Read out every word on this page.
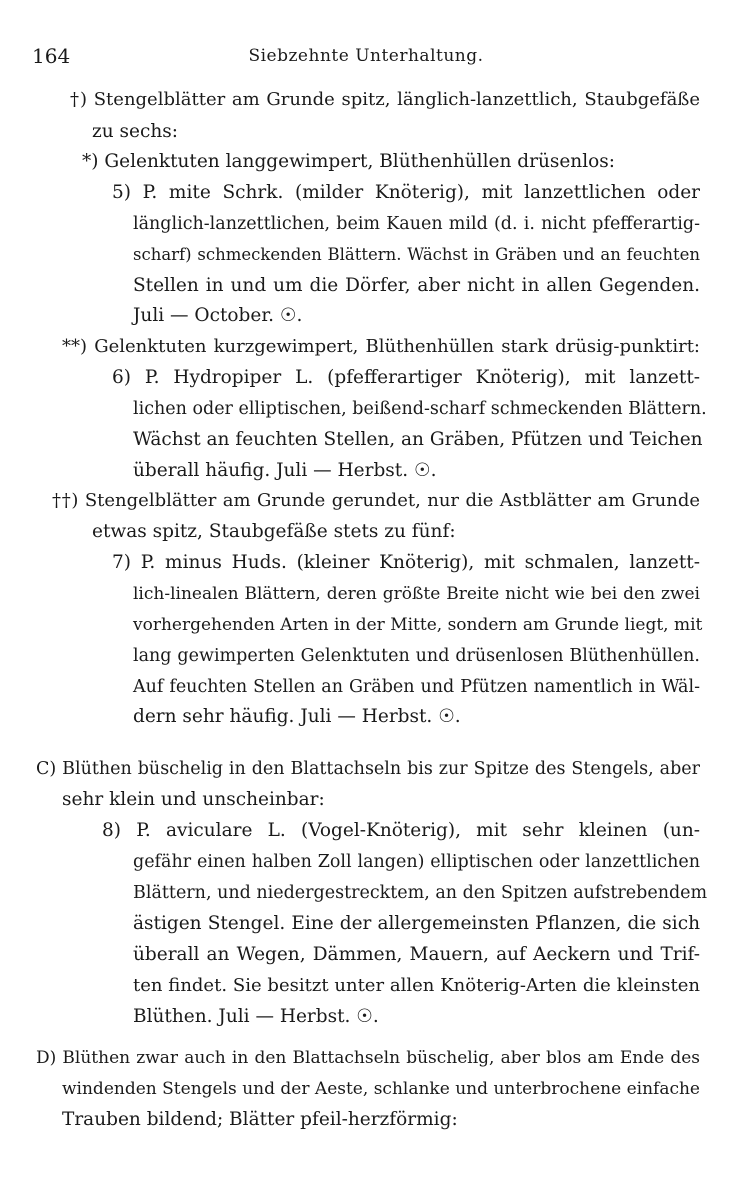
164	Siebzehnte Unterhaltung.
†) Stengelblätter am Grunde spitz, länglich-lanzettlich, Staubgefäße
zu sechs:
*) Gelenktuten langgewimpert, Blüthenhüllen drüsenlos:
5) P. mite Schrk. (milder Knöterig), mit lanzettlichen oder
länglich-lanzettlichen, beim Kauen mild (d. i. nicht pfefferartig-
scharf) schmeckenden Blättern. Wächst in Gräben und an feuchten
Stellen in und um die Dörfer, aber nicht in allen Gegenden.
Juli — October. ☉.
**) Gelenktuten kurzgewimpert, Blüthenhüllen stark drüsig-punktirt:
6) P. Hydropiper L. (pfefferartiger Knöterig), mit lanzett-
lichen oder elliptischen, beißend-scharf schmeckenden Blättern.
Wächst an feuchten Stellen, an Gräben, Pfützen und Teichen
überall häufig. Juli — Herbst. ☉.
††) Stengelblätter am Grunde gerundet, nur die Astblätter am Grunde
etwas spitz, Staubgefäße stets zu fünf:
7) P. minus Huds. (kleiner Knöterig), mit schmalen, lanzett-
lich-linealen Blättern, deren größte Breite nicht wie bei den zwei
vorhergehenden Arten in der Mitte, sondern am Grunde liegt, mit
lang gewimperten Gelenktuten und drüsenlosen Blüthenhüllen.
Auf feuchten Stellen an Gräben und Pfützen namentlich in Wäl-
dern sehr häufig. Juli — Herbst. ☉.
C) Blüthen büschelig in den Blattachseln bis zur Spitze des Stengels, aber
sehr klein und unscheinbar:
8) P. aviculare L. (Vogel-Knöterig), mit sehr kleinen (un-
gefähr einen halben Zoll langen) elliptischen oder lanzettlichen
Blättern, und niedergestrecktem, an den Spitzen aufstrebendem
ästigen Stengel. Eine der allergemeinsten Pflanzen, die sich
überall an Wegen, Dämmen, Mauern, auf Aeckern und Trif-
ten findet. Sie besitzt unter allen Knöterig-Arten die kleinsten
Blüthen. Juli — Herbst. ☉.
D) Blüthen zwar auch in den Blattachseln büschelig, aber blos am Ende des
windenden Stengels und der Aeste, schlanke und unterbrochene einfache
Trauben bildend; Blätter pfeil-herzförmig:
